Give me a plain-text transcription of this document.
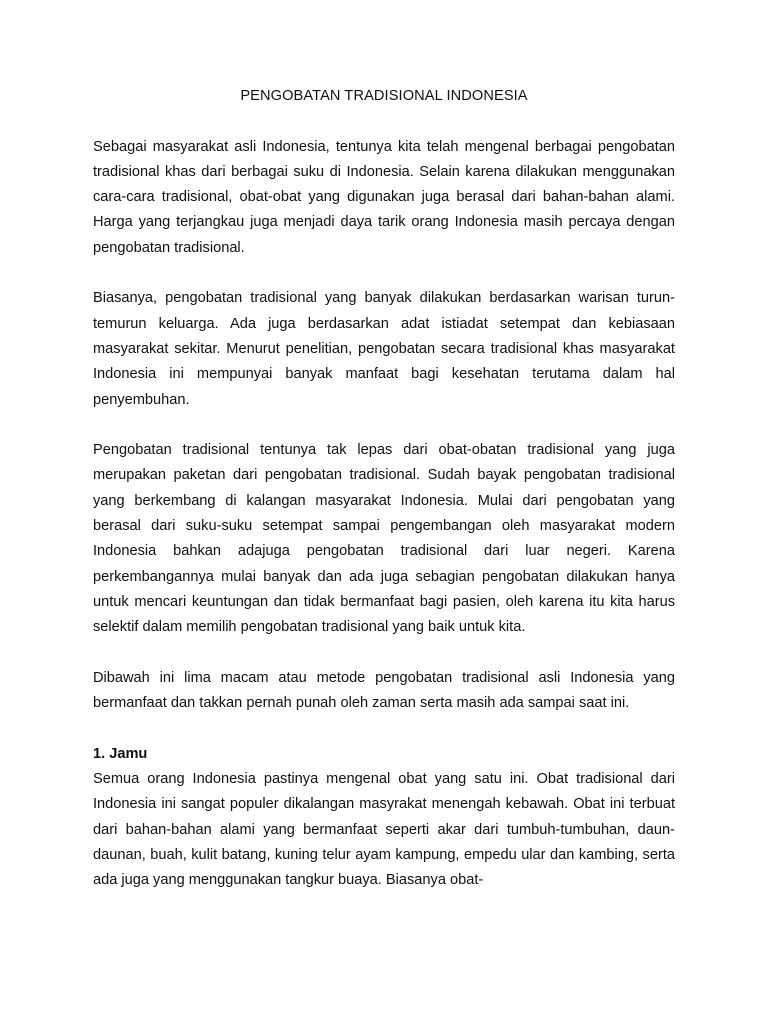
PENGOBATAN TRADISIONAL INDONESIA

Sebagai masyarakat asli Indonesia, tentunya kita telah mengenal berbagai pengobatan tradisional khas dari berbagai suku di Indonesia. Selain karena dilakukan menggunakan cara-cara tradisional, obat-obat yang digunakan juga berasal dari bahan-bahan alami. Harga yang terjangkau juga menjadi daya tarik orang Indonesia masih percaya dengan pengobatan tradisional.

Biasanya, pengobatan tradisional yang banyak dilakukan berdasarkan warisan turun-temurun keluarga. Ada juga berdasarkan adat istiadat setempat dan kebiasaan masyarakat sekitar. Menurut penelitian, pengobatan secara tradisional khas masyarakat Indonesia ini mempunyai banyak manfaat bagi kesehatan terutama dalam hal penyembuhan.

Pengobatan tradisional tentunya tak lepas dari obat-obatan tradisional yang juga merupakan paketan dari pengobatan tradisional. Sudah bayak pengobatan tradisional yang berkembang di kalangan masyarakat Indonesia. Mulai dari pengobatan yang berasal dari suku-suku setempat sampai pengembangan oleh masyarakat modern Indonesia bahkan adajuga pengobatan tradisional dari luar negeri. Karena perkembangannya mulai banyak dan ada juga sebagian pengobatan dilakukan hanya untuk mencari keuntungan dan tidak bermanfaat bagi pasien, oleh karena itu kita harus selektif dalam memilih pengobatan tradisional yang baik untuk kita.

Dibawah ini lima macam atau metode pengobatan tradisional asli Indonesia yang bermanfaat dan takkan pernah punah oleh zaman serta masih ada sampai saat ini.

1. Jamu

Semua orang Indonesia pastinya mengenal obat yang satu ini. Obat tradisional dari Indonesia ini sangat populer dikalangan masyrakat menengah kebawah. Obat ini terbuat dari bahan-bahan alami yang bermanfaat seperti akar dari tumbuh-tumbuhan, daun-daunan, buah, kulit batang, kuning telur ayam kampung, empedu ular dan kambing, serta ada juga yang menggunakan tangkur buaya. Biasanya obat-
